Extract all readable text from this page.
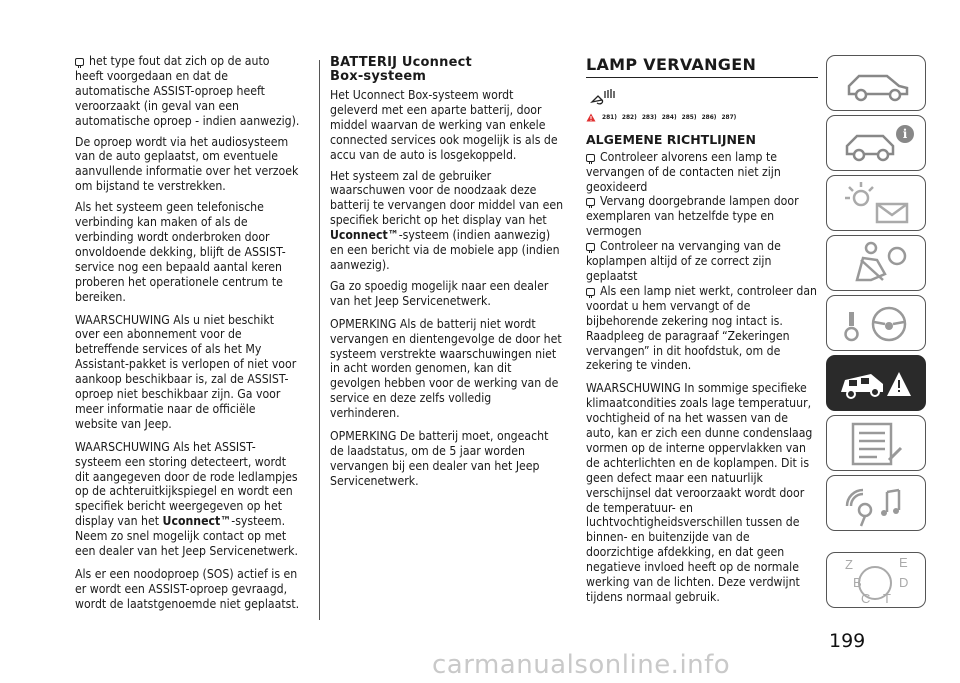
het type fout dat zich op de auto heeft voorgedaan en dat de automatische ASSIST-oproep heeft veroorzaakt (in geval van een automatische oproep - indien aanwezig).

De oproep wordt via het audiosysteem van de auto geplaatst, om eventuele aanvullende informatie over het verzoek om bijstand te verstrekken.

Als het systeem geen telefonische verbinding kan maken of als de verbinding wordt onderbroken door onvoldoende dekking, blijft de ASSIST-service nog een bepaald aantal keren proberen het operationele centrum te bereiken.

WAARSCHUWING Als u niet beschikt over een abonnement voor de betreffende services of als het My Assistant-pakket is verlopen of niet voor aankoop beschikbaar is, zal de ASSIST-oproep niet beschikbaar zijn. Ga voor meer informatie naar de officiële website van Jeep.

WAARSCHUWING Als het ASSIST-systeem een storing detecteert, wordt dit aangegeven door de rode ledlampjes op de achteruitkijkspiegel en wordt een specifiek bericht weergegeven op het display van het Uconnect™-systeem. Neem zo snel mogelijk contact op met een dealer van het Jeep Servicenetwerk.

Als er een noodoproep (SOS) actief is en er wordt een ASSIST-oproep gevraagd, wordt de laatstgenoemde niet geplaatst.

BATTERIJ Uconnect Box-systeem

Het Uconnect Box-systeem wordt geleverd met een aparte batterij, door middel waarvan de werking van enkele connected services ook mogelijk is als de accu van de auto is losgekoppeld.

Het systeem zal de gebruiker waarschuwen voor de noodzaak deze batterij te vervangen door middel van een specifiek bericht op het display van het Uconnect™-systeem (indien aanwezig) en een bericht via de mobiele app (indien aanwezig).

Ga zo spoedig mogelijk naar een dealer van het Jeep Servicenetwerk.

OPMERKING Als de batterij niet wordt vervangen en dientengevolge de door het systeem verstrekte waarschuwingen niet in acht worden genomen, kan dit gevolgen hebben voor de werking van de service en deze zelfs volledig verhinderen.

OPMERKING De batterij moet, ongeacht de laadstatus, om de 5 jaar worden vervangen bij een dealer van het Jeep Servicenetwerk.

LAMP VERVANGEN
281) 282) 283) 284) 285) 286) 287)
ALGEMENE RICHTLIJNEN
Controleer alvorens een lamp te vervangen of de contacten niet zijn geoxideerd
Vervang doorgebrande lampen door exemplaren van hetzelfde type en vermogen
Controleer na vervanging van de koplampen altijd of ze correct zijn geplaatst
Als een lamp niet werkt, controleer dan voordat u hem vervangt of de bijbehorende zekering nog intact is. Raadpleeg de paragraaf “Zekeringen vervangen” in dit hoofdstuk, om de zekering te vinden.

WAARSCHUWING In sommige specifieke klimaatcondities zoals lage temperatuur, vochtigheid of na het wassen van de auto, kan er zich een dunne condenslaag vormen op de interne oppervlakken van de achterlichten en de koplampen. Dit is geen defect maar een natuurlijk verschijnsel dat veroorzaakt wordt door de temperatuur- en luchtvochtigheidsverschillen tussen de binnen- en buitenzijde van de doorzichtige afdekking, en dat geen negatieve invloed heeft op de normale werking van de lichten. Deze verdwijnt tijdens normaal gebruik.

i
Z	E
B	D
C T
199
carmanualsonline.info
